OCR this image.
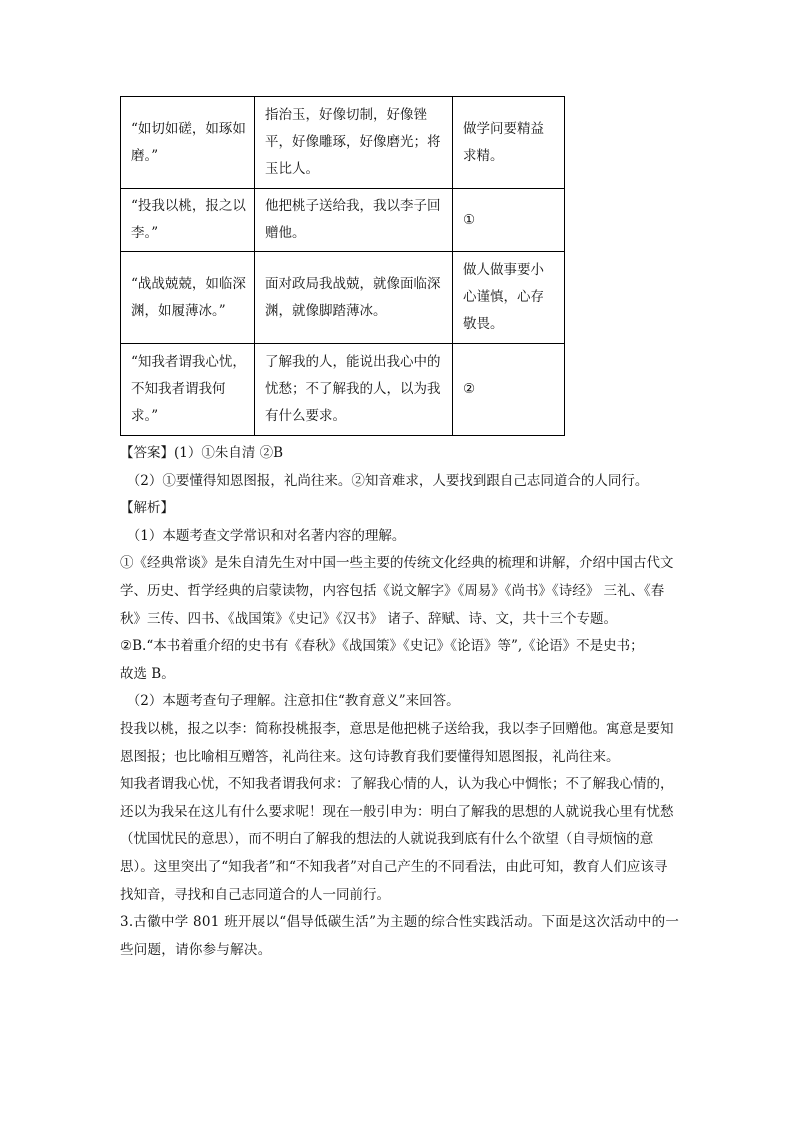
“如切如磋，如琢如磨。”	指治玉，好像切制，好像锉平，好像雕琢，好像磨光；将玉比人。	做学问要精益求精。
“投我以桃，报之以李。”	他把桃子送给我，我以李子回赠他。	①
“战战兢兢，如临深渊，如履薄冰。”	面对政局我战兢，就像面临深渊，就像脚踏薄冰。	做人做事要小心谨慎，心存敬畏。
“知我者谓我心忧，不知我者谓我何求。”	了解我的人，能说出我心中的忧愁；不了解我的人，以为我有什么要求。	②

【答案】(1）①朱自清 ②B

（2）①要懂得知恩图报，礼尚往来。②知音难求，人要找到跟自己志同道合的人同行。

【解析】

（1）本题考查文学常识和对名著内容的理解。

①《经典常谈》是朱自清先生对中国一些主要的传统文化经典的梳理和讲解，介绍中国古代文学、历史、哲学经典的启蒙读物，内容包括《说文解字》《周易》《尚书》《诗经》 三礼、《春秋》三传、四书、《战国策》《史记》《汉书》 诸子、辞赋、诗、文，共十三个专题。

②B.“本书着重介绍的史书有《春秋》《战国策》《史记》《论语》等”,《论语》不是史书；

故选 B。

（2）本题考查句子理解。注意扣住“教育意义”来回答。

投我以桃，报之以李：简称投桃报李，意思是他把桃子送给我，我以李子回赠他。寓意是要知恩图报；也比喻相互赠答，礼尚往来。这句诗教育我们要懂得知恩图报，礼尚往来。

知我者谓我心忧，不知我者谓我何求：了解我心情的人，认为我心中惆怅；不了解我心情的，还以为我呆在这儿有什么要求呢！现在一般引申为：明白了解我的思想的人就说我心里有忧愁（忧国忧民的意思），而不明白了解我的想法的人就说我到底有什么个欲望（自寻烦恼的意思）。这里突出了“知我者”和“不知我者”对自己产生的不同看法，由此可知，教育人们应该寻找知音，寻找和自己志同道合的人一同前行。

3.古徽中学 801 班开展以“倡导低碳生活”为主题的综合性实践活动。下面是这次活动中的一些问题，请你参与解决。
